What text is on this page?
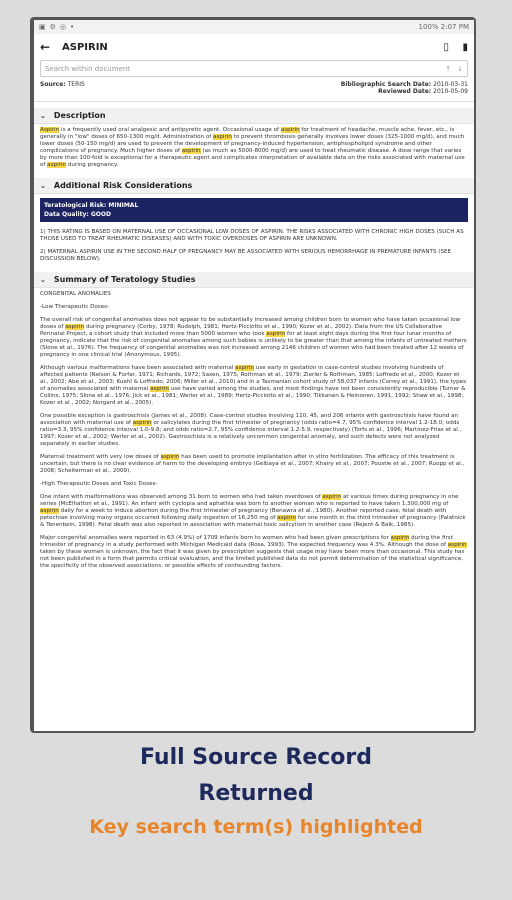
▣ ⚙ ◎ •	100% 2:07 PM
←	ASPIRIN	▯ ▮
Search within document	↑ ↓
Source: TERIS	Bibliographic Search Date: 2010-03-31
Reviewed Date: 2010-05-09
⌄ Description

Aspirin is a frequently used oral analgesic and antipyretic agent. Occasional usage of aspirin for treatment of headache, muscle ache, fever, etc., is generally in "low" doses of 650-1300 mg/d. Administration of aspirin to prevent thrombosis generally involves lower doses (325-1000 mg/d), and much lower doses (50-150 mg/d) are used to prevent the development of pregnancy-induced hypertension, antiphospholipid syndrome and other complications of pregnancy. Much higher doses of aspirin (as much as 5000-8000 mg/d) are used to treat rheumatic disease. A dose range that varies by more than 100-fold is exceptional for a therapeutic agent and complicates interpretation of available data on the risks associated with maternal use of aspirin during pregnancy.

⌄ Additional Risk Considerations
Teratological Risk: MINIMAL
Data Quality: GOOD

1) THIS RATING IS BASED ON MATERNAL USE OF OCCASIONAL LOW DOSES OF ASPIRIN. THE RISKS ASSOCIATED WITH CHRONIC HIGH DOSES (SUCH AS THOSE USED TO TREAT RHEUMATIC DISEASES) AND WITH TOXIC OVERDOSES OF ASPIRIN ARE UNKNOWN.

2) MATERNAL ASPIRIN USE IN THE SECOND HALF OF PREGNANCY MAY BE ASSOCIATED WITH SERIOUS HEMORRHAGE IN PREMATURE INFANTS (SEE DISCUSSION BELOW).

⌄ Summary of Teratology Studies

CONGENITAL ANOMALIES

-Low Therapeutic Doses-

The overall risk of congenital anomalies does not appear to be substantially increased among children born to women who have taken occasional low doses of aspirin during pregnancy (Corby, 1978; Rudolph, 1981; Hertz-Picciotto et al., 1990; Kozer et al., 2002). Data from the US Collaborative Perinatal Project, a cohort study that included more than 5000 women who took aspirin for at least eight days during the first four lunar months of pregnancy, indicate that the risk of congenital anomalies among such babies is unlikely to be greater than that among the infants of untreated mothers (Slone et al., 1976). The frequency of congenital anomalies was not increased among 2146 children of women who had been treated after 12 weeks of pregnancy in one clinical trial (Anonymous, 1995).

Although various malformations have been associated with maternal aspirin use early in gestation in case-control studies involving hundreds of affected patients (Nelson & Forfar, 1971; Richards, 1972; Saxen, 1975; Rothman et al., 1979; Zierler & Rothman, 1985; Loffredo et al., 2000; Kozer et al., 2002; Abe et al., 2003; Kuehl & Loffredo, 2006; Miller et al., 2010) and in a Tasmanian cohort study of 58,037 infants (Correy et al., 1991), the types of anomalies associated with maternal aspirin use have varied among the studies, and most findings have not been consistently reproducible (Turner & Collins, 1975; Slone et al., 1976; Jick et al., 1981; Werler et al., 1989; Hertz-Picciotto et al., 1990; Tikkanen & Heinonen, 1991, 1992; Shaw et al., 1998; Kozer et al., 2002; Norgard et al., 2005).

One possible exception is gastroschisis (James et al., 2008). Case-control studies involving 110, 45, and 206 infants with gastroschisis have found an association with maternal use of aspirin or salicylates during the first trimester of pregnancy (odds ratio=4.7, 95% confidence interval 1.2-18.0; odds ratio=3.3, 95% confidence interval 1.0-9.8; and odds ratio=2.7, 95% confidence interval 1.2-5.9, respectively) (Torfs et al., 1996; Martinez-Frias et al., 1997; Kozer et al., 2002; Werler et al., 2002). Gastroschisis is a relatively uncommon congenital anomaly, and such defects were not analyzed separately in earlier studies.

Maternal treatment with very low doses of aspirin has been used to promote implantation after in vitro fertilization. The efficacy of this treatment is uncertain, but there is no clear evidence of harm to the developing embryo (Gelbaya et al., 2007; Khairy et al., 2007; Poustie et al., 2007; Ruopp et al., 2008; Scheiterman et al., 2009).

-High Therapeutic Doses and Toxic Doses-

One infant with malformations was observed among 31 born to women who had taken overdoses of aspirin at various times during pregnancy in one series (McElhatton et al., 1991). An infant with cyclopia and aphathia was born to another woman who is reported to have taken 1,300,000 mg of aspirin daily for a week to induce abortion during the first trimester of pregnancy (Benawra et al., 1980). Another reported case, fetal death with petechiae involving many organs occurred following daily ingestion of 16,250 mg of aspirin for one month in the third trimester of pregnancy (Palatnick & Tenenbein, 1998). Fetal death was also reported in association with maternal toxic salicylism in another case (Rejent & Baik, 1985).

Major congenital anomalies were reported in 63 (4.9%) of 1709 infants born to women who had been given prescriptions for aspirin during the first trimester of pregnancy in a study performed with Michigan Medicaid data (Rosa, 1993). The expected frequency was 4.3%. Although the dose of aspirin taken by these women is unknown, the fact that it was given by prescription suggests that usage may have been more than occasional. This study has not been published in a form that permits critical evaluation, and the limited published data do not permit determination of the statistical significance, the specificity of the observed associations, or possible effects of confounding factors.

Full Source Record
Returned
Key search term(s) highlighted
